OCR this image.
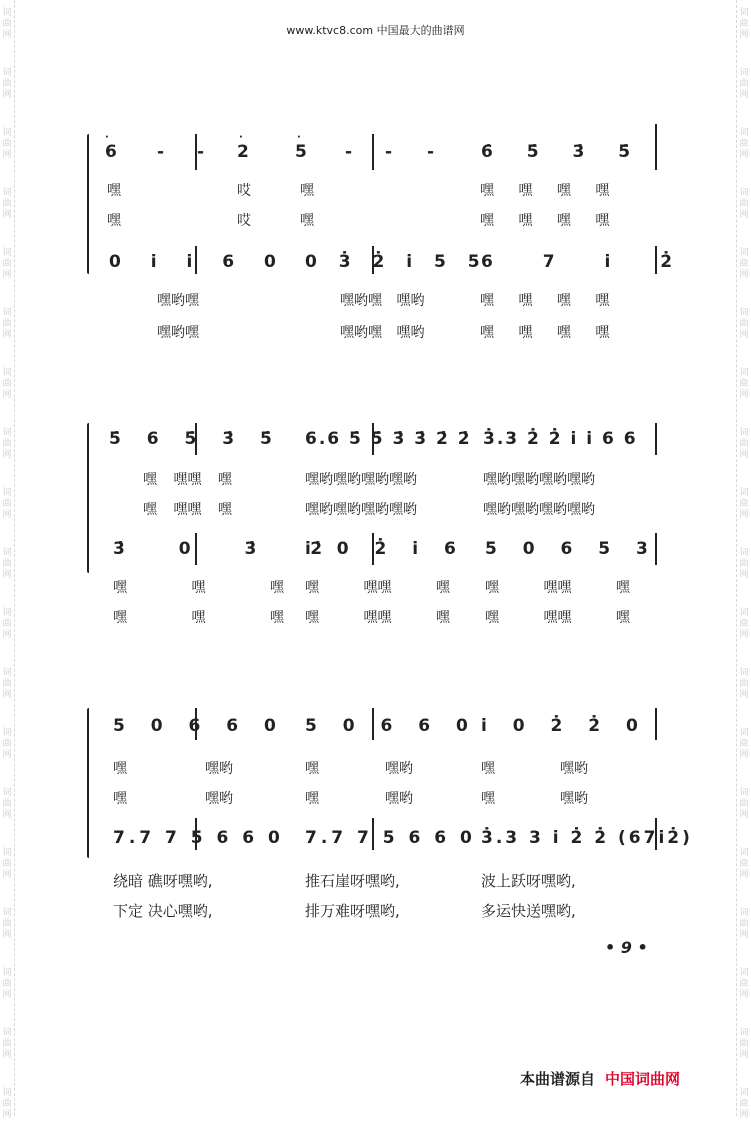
词
曲
网
词
曲
网
词
曲
网
词
曲
网
词
曲
网
词
曲
网
词
曲
网
词
曲
网
词
曲
网
词
曲
网
词
曲
网
词
曲
网
词
曲
网
词
曲
网
词
曲
网
词
曲
网
词
曲
网
词
曲
网
词
曲
网
词
曲
网
词
曲
网
词
曲
网
词
曲
网
词
曲
网
词
曲
网
词
曲
网
词
曲
网
词
曲
网
词
曲
网
词
曲
网
词
曲
网
词
曲
网
词
曲
网
词
曲
网
词
曲
网
词
曲
网
词
曲
网
词
曲
网
www.ktvc8.com 中国最大的曲谱网
6
·
- - 2
·
5
·
- - -	6̇ 5̇ 3̇ 5̇
嘿	哎	嘿	嘿 嘿 嘿 嘿
嘿	哎	嘿	嘿 嘿 嘿 嘿
0 i i 6 0 0 3̇ 2̇ i 5 5
6 7 i 2̇
嘿哟嘿	嘿哟嘿 嘿哟	嘿 嘿 嘿 嘿
嘿哟嘿	嘿哟嘿 嘿哟	嘿 嘿 嘿 嘿
5̇ 6 5̇ 3̇ 5̇ 6.6 5̇ 5̇ 3̇ 3̇ 2̇ 2̇ 3̇.3 2̇ 2̇ i i 6 6
嘿 嘿嘿 嘿	嘿哟嘿哟嘿哟嘿哟	嘿哟嘿哟嘿哟嘿哟
嘿 嘿嘿 嘿	嘿哟嘿哟嘿哟嘿哟	嘿哟嘿哟嘿哟嘿哟
3̇ 0 3̇ 2̇
i 0 2̇ i 6 5 0 6 5 3
嘿 嘿 嘿 嘿 嘿嘿 嘿	嘿 嘿嘿 嘿
嘿 嘿 嘿 嘿 嘿嘿 嘿	嘿 嘿嘿 嘿
5 0 6 6 0 5 0 6 6 0 i 0 2̇ 2̇ 0
嘿	嘿哟	嘿	嘿哟	嘿	嘿哟
嘿	嘿哟	嘿	嘿哟	嘿	嘿哟
7.7 7 5 6 6 0 7.7 7 5 6 6 0 3̇.3 3 i 2̇ 2̇ (67i2̇)
绕暗 礁呀嘿哟,	推石崖呀嘿哟,	波上跃呀嘿哟,
下定 决心嘿哟,	排万难呀嘿哟,	多运快送嘿哟,
• 9 •
本曲谱源自 中国词曲网
